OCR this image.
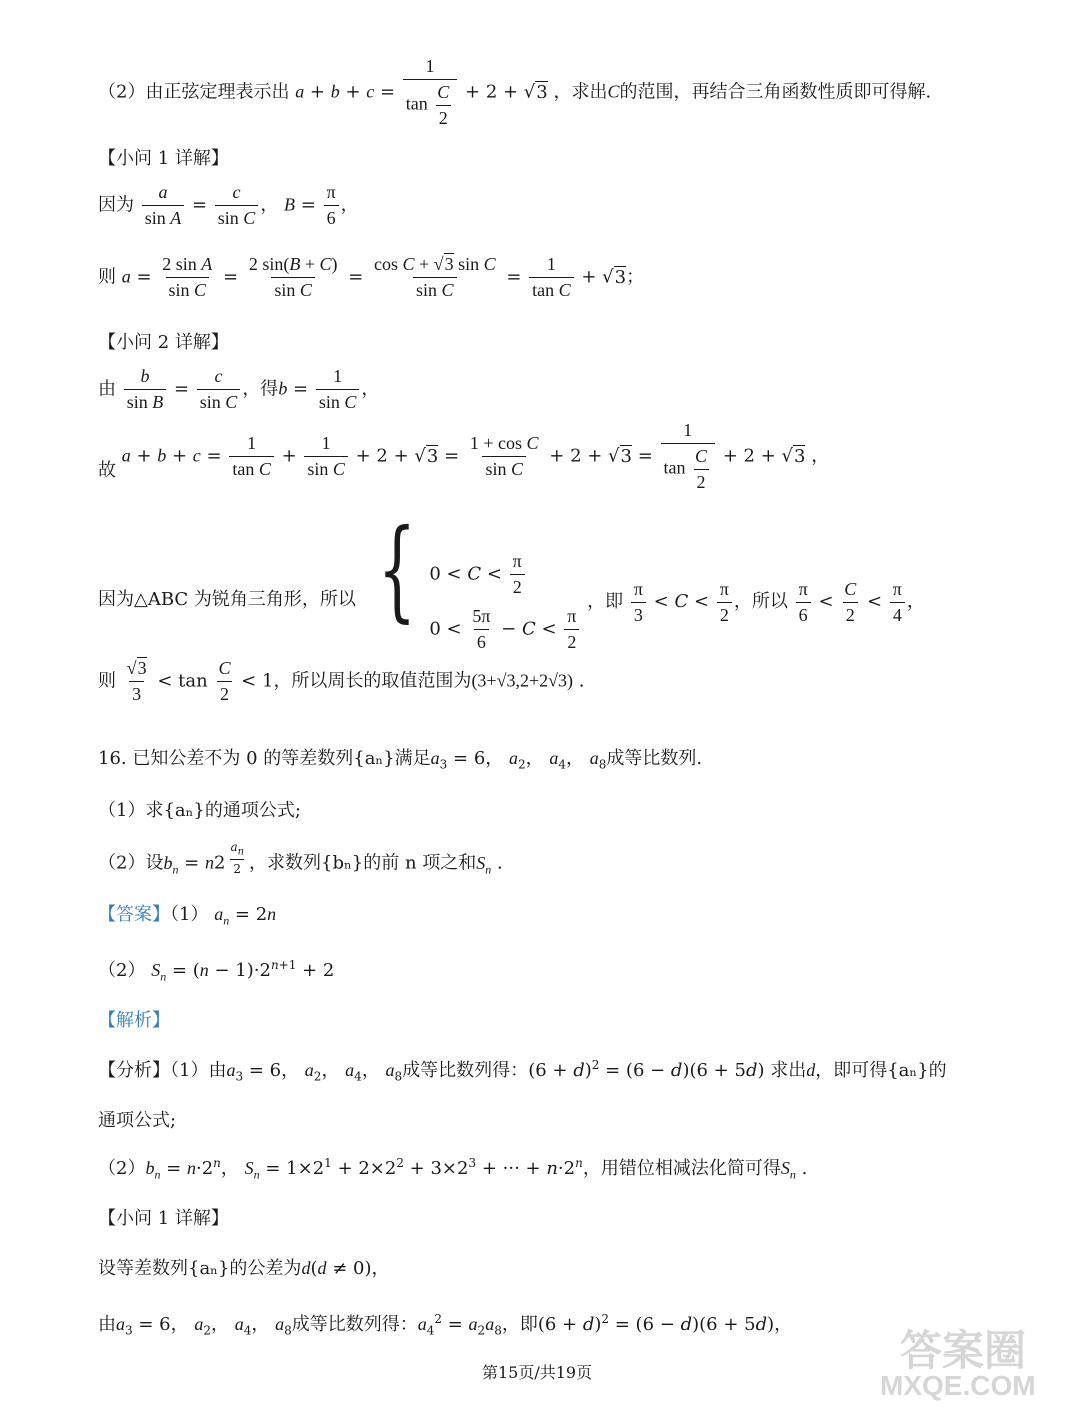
（2）由正弦定理表示出 $a + b + c = \frac{1}{\tan \frac{C}{2}} + 2 + √3$ ，求出C的范围，再结合三角函数性质即可得解.
【小问 1 详解】
因为 $\frac{a}{\text{sin A}} = \frac{c}{\text{sin C}}$ ， $B = \frac{\pi}{6}$ ，
则 $a = \frac{\text{2 sin A}}{\text{sin C}} = \frac{2 \sin(B + C)}{\text{sin C}} = \frac{\text{cos C + √3 sin C}}{\text{sin C}} = \frac{1}{\text{tan C}} + √3$；
【小问 2 详解】
由 $\frac{b}{\text{sin B}} = \frac{c}{\text{sin C}}$ ，得$b = \frac{1}{\text{sin C}}$ ，
故 $a + b + c = \frac{1}{\text{tan C}} + \frac{1}{\text{sin C}} + 2 + √3 = \frac{\text{1 + cos C}}{\text{sin C}} + 2 + √3 = \frac{1}{\tan \frac{C}{2}} + 2 + √3$ ，
因为△ABC 为锐角三角形，所以 { $0 < C < \frac{\pi}{2}$
$0 < \frac{5\pi}{6} - C < \frac{\pi}{2}$
，即 $\frac{\pi}{3} < C < \frac{\pi}{2}$ ，所以 $\frac{\pi}{6} < \frac{C}{2} < \frac{\pi}{4}$ ，
则 $\frac{√3}{3} < \tan \frac{C}{2} < 1$，所以周长的取值范围为(3+√3,2+2√3) .
16. 已知公差不为 0 的等差数列{aₙ}满足$a_3 = 6$， $a_2$， $a_4$， $a_8$成等比数列.
（1）求{aₙ}的通项公式;
（2）设$b_n = n2$ $^{\frac{a_n}{2}}$ ，求数列{bₙ}的前 n 项之和$S_n$ .
【答案】（1） $a_n = 2n$
（2） $S_n = (n - 1)\cdot 2^{n+1} + 2$
【解析】
【分析】（1）由$a_3 = 6$， $a_2$， $a_4$， $a_8$成等比数列得：$(6 + d)^2 = (6 - d)(6 + 5d)$ 求出d，即可得{aₙ}的
通项公式;
$(2)b_n = n\cdot 2^n$， $S_n = 1\times 2^1 + 2\times 2^2 + 3\times 2^3$ + ··· + $n\cdot 2^n$，用错位相减法化简可得$S_n$ .
【小问 1 详解】
设等差数列{aₙ}的公差为d(d ≠ 0)，
由$a_3 = 6$， $a_2$， $a_4$， $a_8$成等比数列得：$a_4^2 = a_2a_8$，即$(6 + d)^2 = (6 - d)(6 + 5d)$，
第15页/共19页	答案圈
MXQE.COM
